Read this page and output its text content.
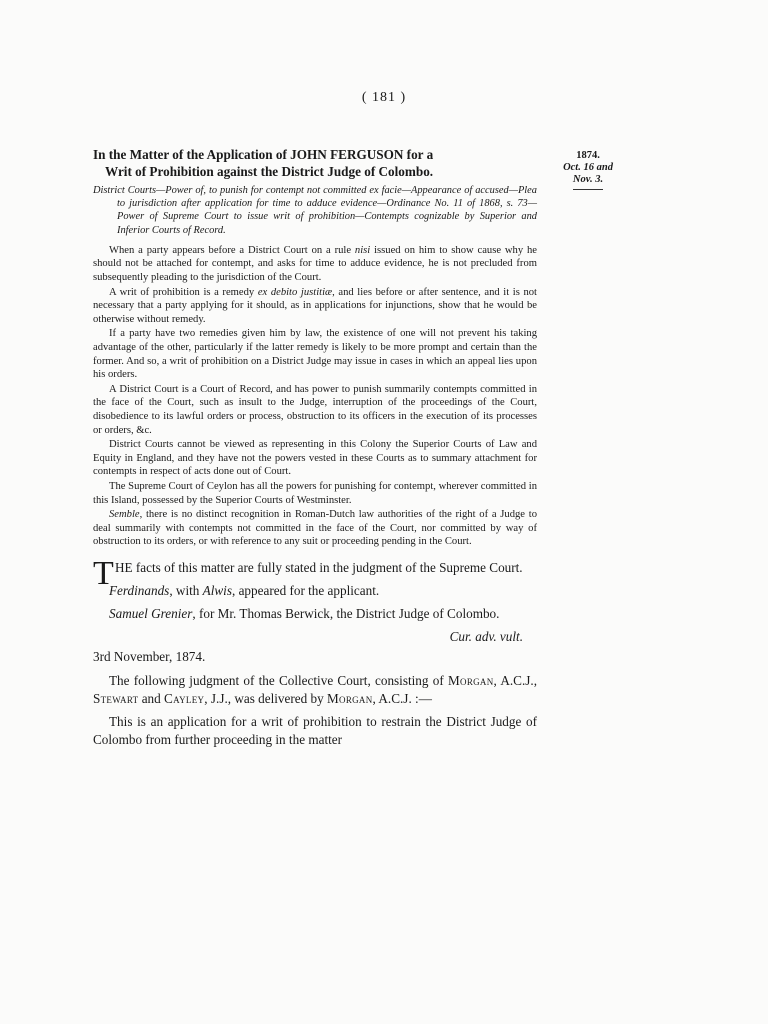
( 181 )
1874.
Oct. 16 and Nov. 3.
In the Matter of the Application of JOHN FERGUSON for a
Writ of Prohibition against the District Judge of Colombo.

District Courts—Power of, to punish for contempt not committed ex facie—Appearance of accused—Plea to jurisdiction after application for time to adduce evidence—Ordinance No. 11 of 1868, s. 73—Power of Supreme Court to issue writ of prohibition—Contempts cognizable by Superior and Inferior Courts of Record.

When a party appears before a District Court on a rule nisi issued on him to show cause why he should not be attached for contempt, and asks for time to adduce evidence, he is not precluded from subsequently pleading to the jurisdiction of the Court.

A writ of prohibition is a remedy ex debito justitiæ, and lies before or after sentence, and it is not necessary that a party applying for it should, as in applications for injunctions, show that he would be otherwise without remedy.

If a party have two remedies given him by law, the existence of one will not prevent his taking advantage of the other, particularly if the latter remedy is likely to be more prompt and certain than the former. And so, a writ of prohibition on a District Judge may issue in cases in which an appeal lies upon his orders.

A District Court is a Court of Record, and has power to punish summarily contempts committed in the face of the Court, such as insult to the Judge, interruption of the proceedings of the Court, disobedience to its lawful orders or process, obstruction to its officers in the execution of its processes or orders, &c.

District Courts cannot be viewed as representing in this Colony the Superior Courts of Law and Equity in England, and they have not the powers vested in these Courts as to summary attachment for contempts in respect of acts done out of Court.

The Supreme Court of Ceylon has all the powers for punishing for contempt, wherever committed in this Island, possessed by the Superior Courts of Westminster.

Semble, there is no distinct recognition in Roman-Dutch law authorities of the right of a Judge to deal summarily with contempts not committed in the face of the Court, nor committed by way of obstruction to its orders, or with reference to any suit or proceeding pending in the Court.

T HE facts of this matter are fully stated in the judgment of the Supreme Court.

Ferdinands, with Alwis, appeared for the applicant.

Samuel Grenier, for Mr. Thomas Berwick, the District Judge of Colombo.

Cur. adv. vult.

3rd November, 1874.

The following judgment of the Collective Court, consisting of Morgan, A.C.J., Stewart and Cayley, J.J., was delivered by Morgan, A.C.J. :—

This is an application for a writ of prohibition to restrain the District Judge of Colombo from further proceeding in the matter
